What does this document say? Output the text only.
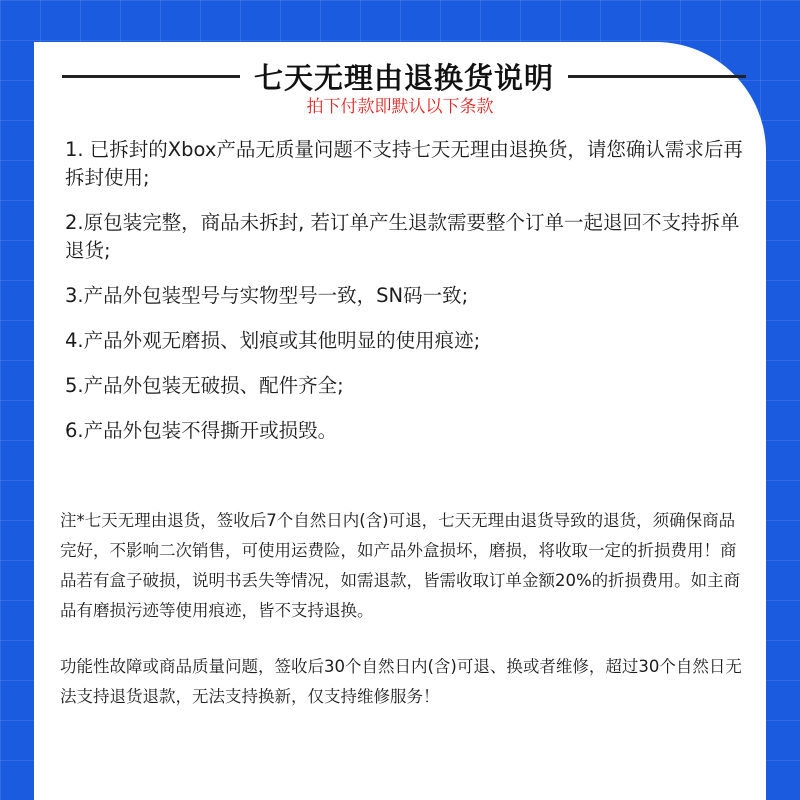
七天无理由退换货说明
拍下付款即默认以下条款
1. 已拆封的Xbox产品无质量问题不支持七天无理由退换货，请您确认需求后再拆封使用;
2.原包装完整，商品未拆封, 若订单产生退款需要整个订单一起退回不支持拆单退货;
3.产品外包装型号与实物型号一致，SN码一致;
4.产品外观无磨损、划痕或其他明显的使用痕迹;
5.产品外包装无破损、配件齐全;
6.产品外包装不得撕开或损毁。
注*七天无理由退货，签收后7个自然日内(含)可退，七天无理由退货导致的退货，须确保商品完好，不影响二次销售，可使用运费险，如产品外盒损坏，磨损，将收取一定的折损费用！商品若有盒子破损，说明书丢失等情况，如需退款，皆需收取订单金额20%的折损费用。如主商品有磨损污迹等使用痕迹，皆不支持退换。
功能性故障或商品质量问题，签收后30个自然日内(含)可退、换或者维修，超过30个自然日无法支持退货退款，无法支持换新，仅支持维修服务！
